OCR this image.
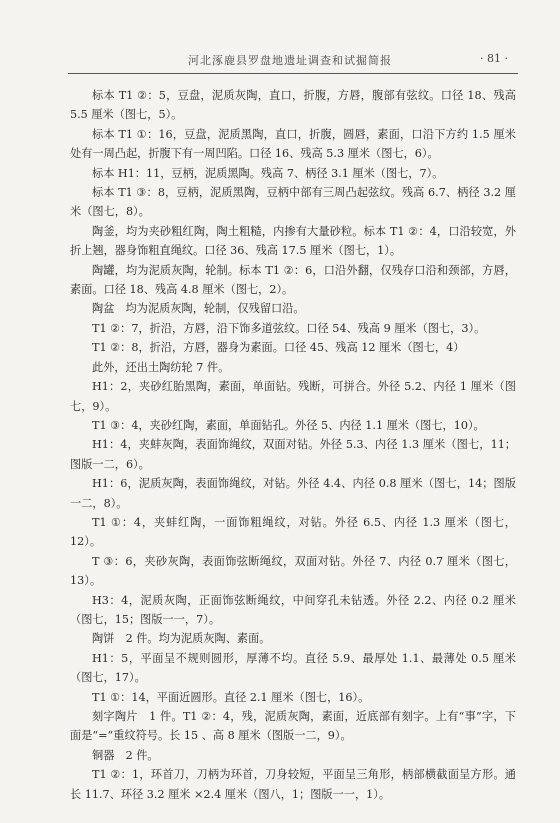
河北涿鹿县罗盘地遗址调查和试掘简报	· 81 ·

标本 T1 ②：5，豆盘，泥质灰陶，直口，折腹，方唇，腹部有弦纹。口径 18、残高 5.5 厘米（图七，5）。

标本 T1 ①：16，豆盘，泥质黑陶，直口，折腹，圆唇，素面，口沿下方约 1.5 厘米处有一周凸起，折腹下有一周凹陷。口径 16、残高 5.3 厘米（图七，6）。

标本 H1：11，豆柄，泥质黑陶。残高 7、柄径 3.1 厘米（图七，7）。

标本 T1 ③：8，豆柄，泥质黑陶，豆柄中部有三周凸起弦纹。残高 6.7、柄径 3.2 厘米（图七，8）。

陶釜，均为夹砂粗红陶，陶土粗糙，内掺有大量砂粒。标本 T1 ②：4，口沿较宽，外折上翘，器身饰粗直绳纹。口径 36、残高 17.5 厘米（图七，1）。

陶罐，均为泥质灰陶，轮制。标本 T1 ②：6，口沿外翻，仅残存口沿和颈部，方唇，素面。口径 18、残高 4.8 厘米（图七，2）。

陶盆　均为泥质灰陶，轮制，仅残留口沿。

T1 ②：7，折沿，方唇，沿下饰多道弦纹。口径 54、残高 9 厘米（图七，3）。

T1 ②：8，折沿，方唇，器身为素面。口径 45、残高 12 厘米（图七，4）

此外，还出土陶纺轮 7 件。

H1：2，夹砂红胎黑陶，素面，单面钻。残断，可拼合。外径 5.2、内径 1 厘米（图七，9）。

T1 ③：4，夹砂红陶，素面，单面钻孔。外径 5、内径 1.1 厘米（图七，10）。

H1：4，夹蚌灰陶，表面饰绳纹，双面对钻。外径 5.3、内径 1.3 厘米（图七，11；图版一二，6）。

H1：6，泥质灰陶，表面饰绳纹，对钻。外径 4.4、内径 0.8 厘米（图七，14；图版一二，8）。

T1 ①：4，夹蚌红陶，一面饰粗绳纹，对钻。外径 6.5、内径 1.3 厘米（图七，12）。

T ③：6，夹砂灰陶，表面饰弦断绳纹，双面对钻。外径 7、内径 0.7 厘米（图七，13）。

H3：4，泥质灰陶，正面饰弦断绳纹，中间穿孔未钻透。外径 2.2、内径 0.2 厘米（图七，15；图版一一，7）。

陶饼　2 件。均为泥质灰陶、素面。

H1：5，平面呈不规则圆形，厚薄不均。直径 5.9、最厚处 1.1、最薄处 0.5 厘米（图七，17）。

T1 ①：14，平面近圆形。直径 2.1 厘米（图七，16）。

刻字陶片　1 件。T1 ②：4，残，泥质灰陶，素面，近底部有刻字。上有“事”字，下面是“=”重纹符号。长 15 、高 8 厘米（图版一二，9）。

铜器　2 件。

T1 ②：1，环首刀，刀柄为环首，刀身较短，平面呈三角形，柄部横截面呈方形。通长 11.7、环径 3.2 厘米 ×2.4 厘米（图八，1；图版一一，1）。
